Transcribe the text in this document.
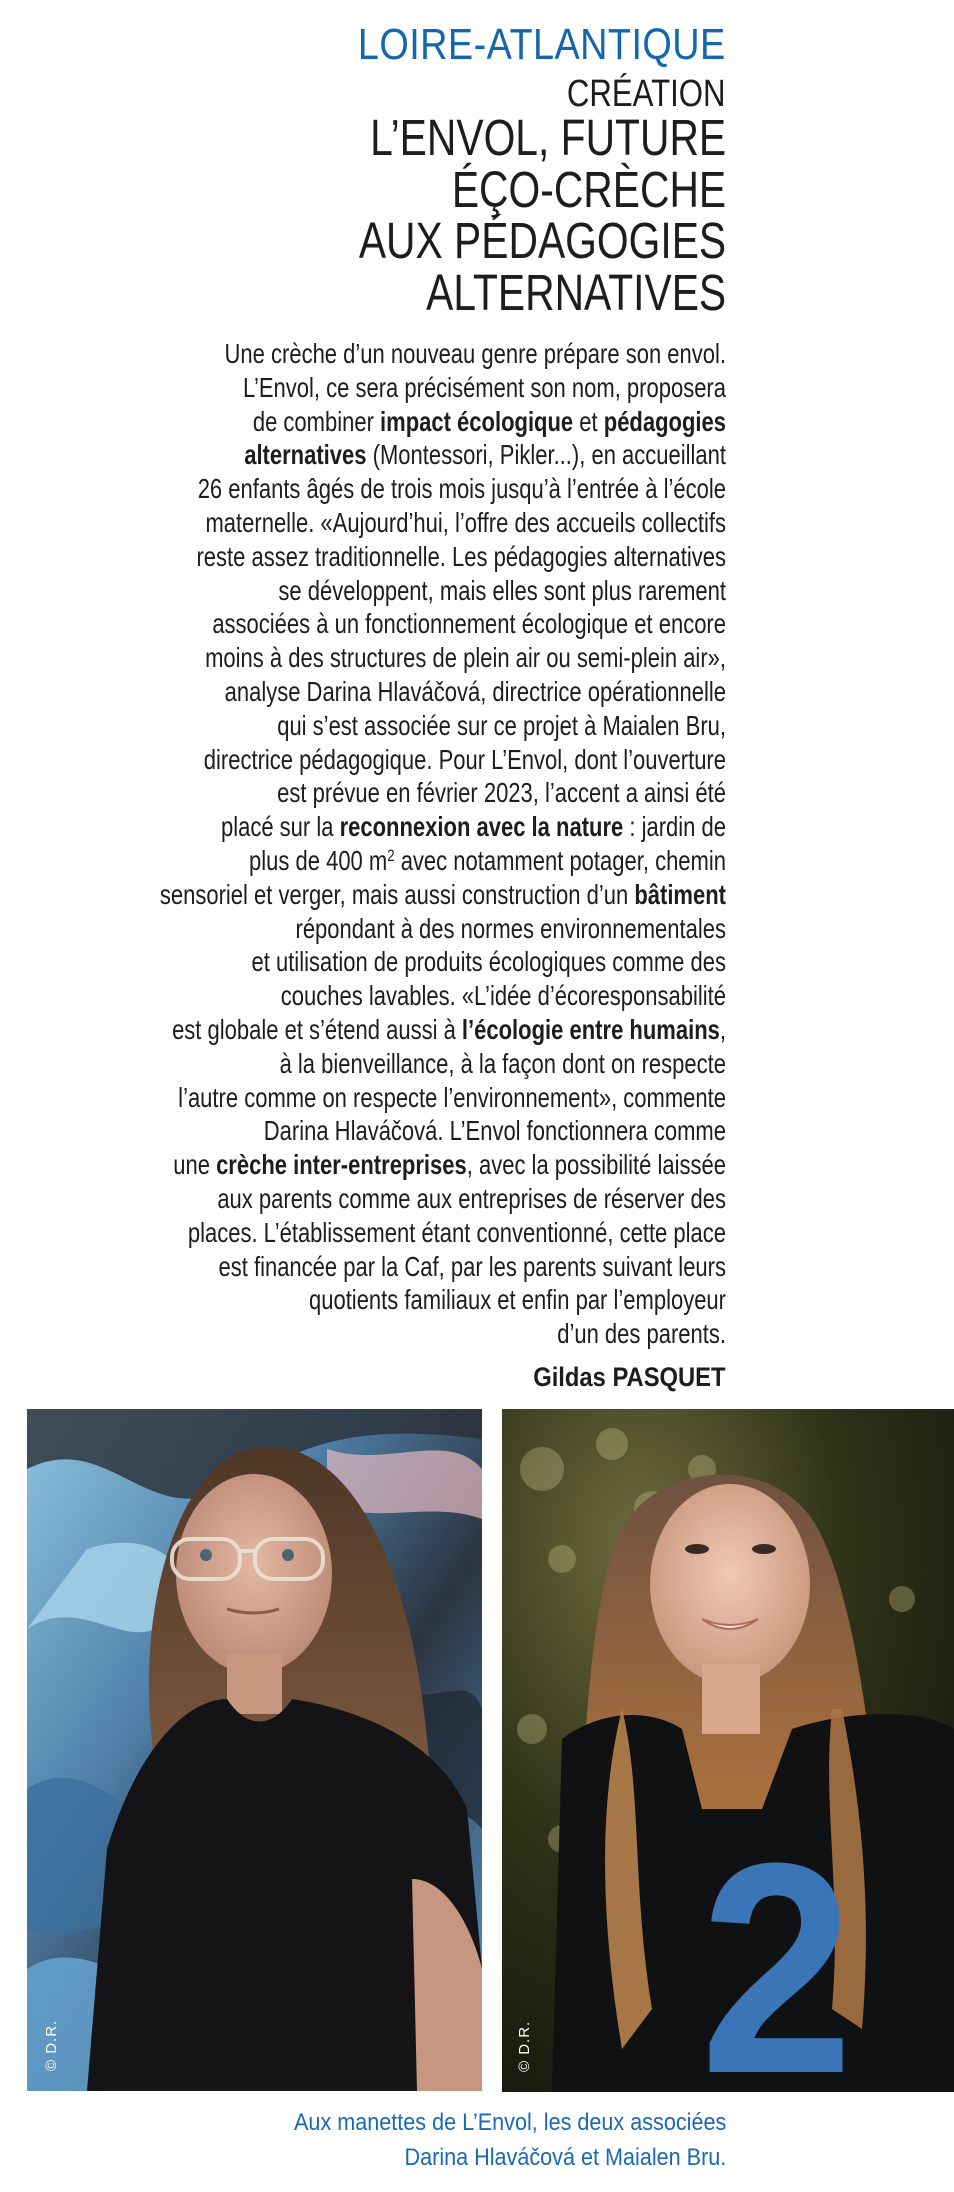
LOIRE-ATLANTIQUE
CRÉATION
L’ENVOL, FUTURE
ÉÇO-CRÈCHE
AUX PÉDAGOGIES
ALTERNATIVES
Une crèche d’un nouveau genre prépare son envol.
L’Envol, ce sera précisément son nom, proposera
de combiner impact écologique et pédagogies
alternatives (Montessori, Pikler...), en accueillant
26 enfants âgés de trois mois jusqu’à l’entrée à l’école
maternelle. «Aujourd’hui, l’offre des accueils collectifs
reste assez traditionnelle. Les pédagogies alternatives
se développent, mais elles sont plus rarement
associées à un fonctionnement écologique et encore
moins à des structures de plein air ou semi-plein air»,
analyse Darina Hlaváčová, directrice opérationnelle
qui s’est associée sur ce projet à Maialen Bru,
directrice pédagogique. Pour L’Envol, dont l’ouverture
est prévue en février 2023, l’accent a ainsi été
placé sur la reconnexion avec la nature : jardin de
plus de 400 $m^2$ avec notamment potager, chemin
sensoriel et verger, mais aussi construction d’un bâtiment
répondant à des normes environnementales
et utilisation de produits écologiques comme des
couches lavables. «L’idée d’écoresponsabilité
est globale et s’étend aussi à l’écologie entre humains,
à la bienveillance, à la façon dont on respecte
l’autre comme on respecte l’environnement», commente
Darina Hlaváčová. L’Envol fonctionnera comme
une crèche inter-entreprises, avec la possibilité laissée
aux parents comme aux entreprises de réserver des
places. L’établissement étant conventionné, cette place
est financée par la Caf, par les parents suivant leurs
quotients familiaux et enfin par l’employeur
d’un des parents.
Gildas PASQUET
© D.R.	© D.R. 2
Aux manettes de L’Envol, les deux associées
Darina Hlaváčová et Maialen Bru.
